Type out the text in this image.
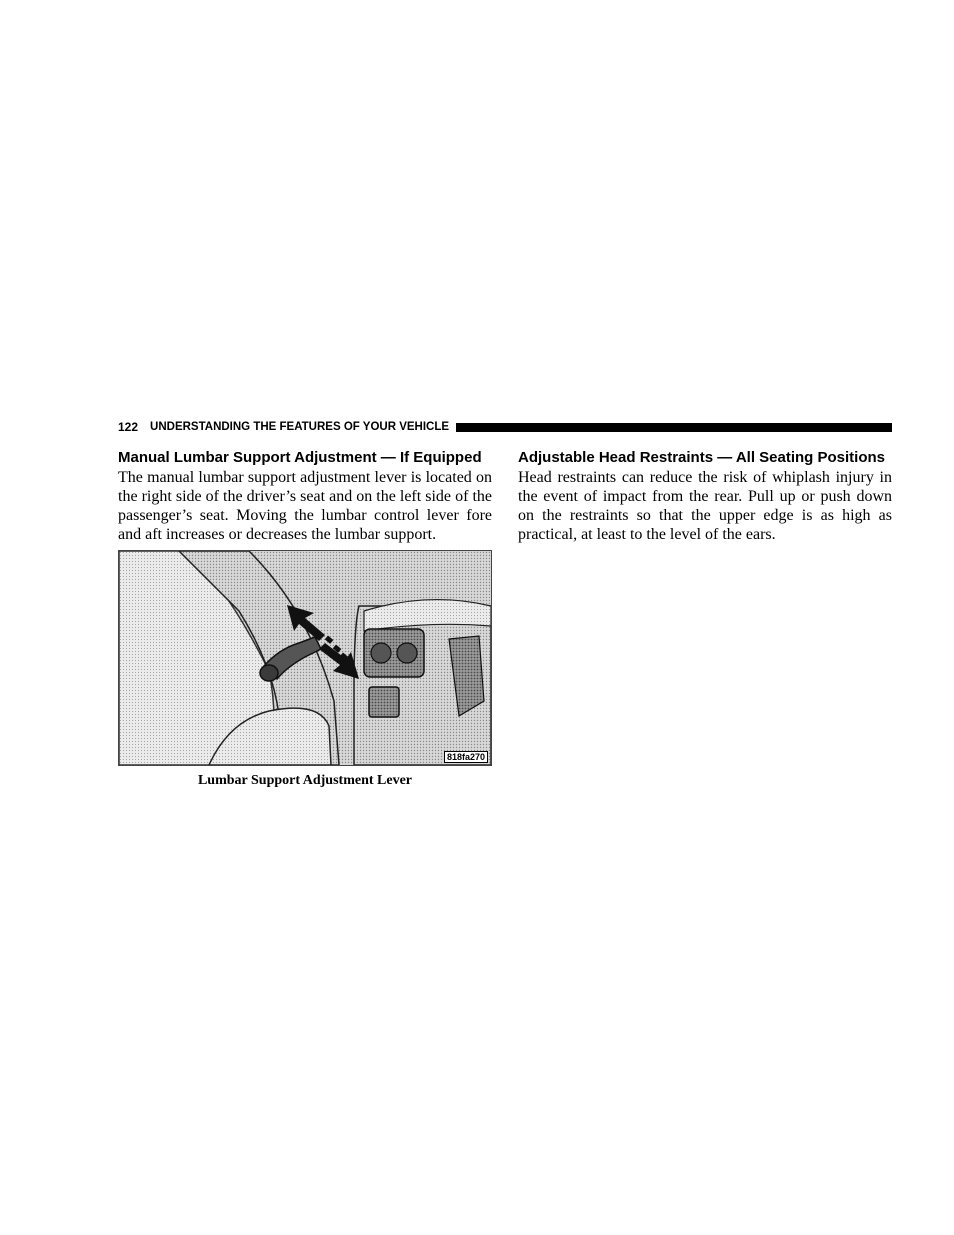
122 UNDERSTANDING THE FEATURES OF YOUR VEHICLE
Manual Lumbar Support Adjustment — If Equipped

The manual lumbar support adjustment lever is located on the right side of the driver’s seat and on the left side of the passenger’s seat. Moving the lumbar control lever fore and aft increases or decreases the lumbar support.

818fa270
Lumbar Support Adjustment Lever
Adjustable Head Restraints — All Seating Positions

Head restraints can reduce the risk of whiplash injury in the event of impact from the rear. Pull up or push down on the restraints so that the upper edge is as high as practical, at least to the level of the ears.
